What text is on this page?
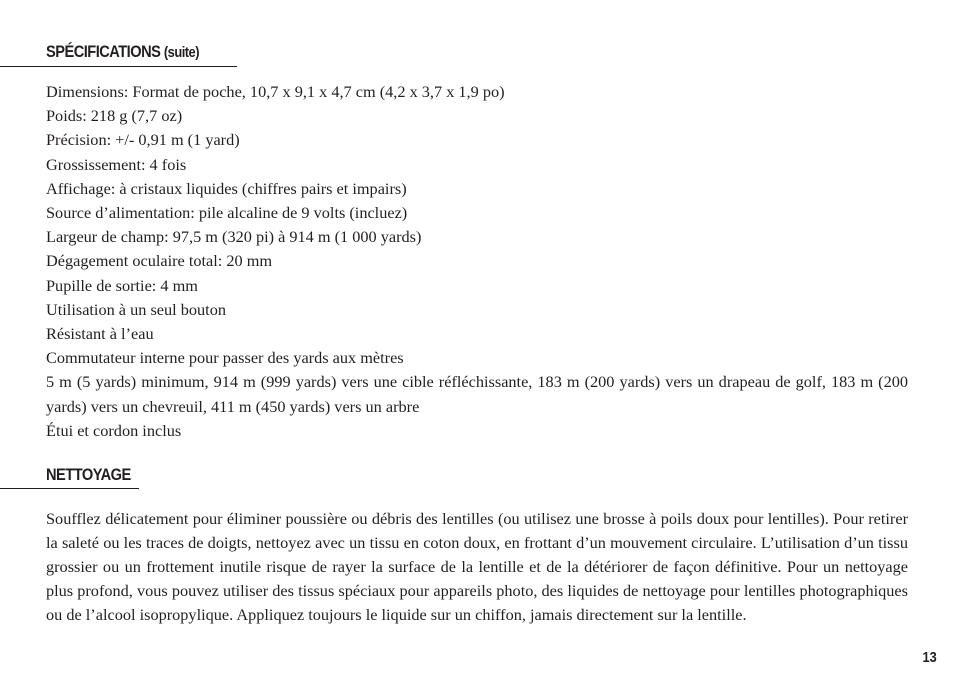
SPÉCIFICATIONS (suite)
Dimensions: Format de poche, 10,7 x 9,1 x 4,7 cm (4,2 x 3,7 x 1,9 po)
Poids: 218 g (7,7 oz)
Précision: +/- 0,91 m (1 yard)
Grossissement: 4 fois
Affichage: à cristaux liquides (chiffres pairs et impairs)
Source d’alimentation: pile alcaline de 9 volts (incluez)
Largeur de champ: 97,5 m (320 pi) à 914 m (1 000 yards)
Dégagement oculaire total: 20 mm
Pupille de sortie: 4 mm
Utilisation à un seul bouton
Résistant à l’eau
Commutateur interne pour passer des yards aux mètres
5 m (5 yards) minimum, 914 m (999 yards) vers une cible réfléchissante, 183 m (200 yards) vers un drapeau de golf, 183 m (200 yards) vers un chevreuil, 411 m (450 yards) vers un arbre
Étui et cordon inclus
NETTOYAGE

Soufflez délicatement pour éliminer poussière ou débris des lentilles (ou utilisez une brosse à poils doux pour lentilles). Pour retirer la saleté ou les traces de doigts, nettoyez avec un tissu en coton doux, en frottant d’un mouvement circulaire. L’utilisation d’un tissu grossier ou un frottement inutile risque de rayer la surface de la lentille et de la détériorer de façon définitive. Pour un nettoyage plus profond, vous pouvez utiliser des tissus spéciaux pour appareils photo, des liquides de nettoyage pour lentilles photographiques ou de l’alcool isopropylique. Appliquez toujours le liquide sur un chiffon, jamais directement sur la lentille.

13
